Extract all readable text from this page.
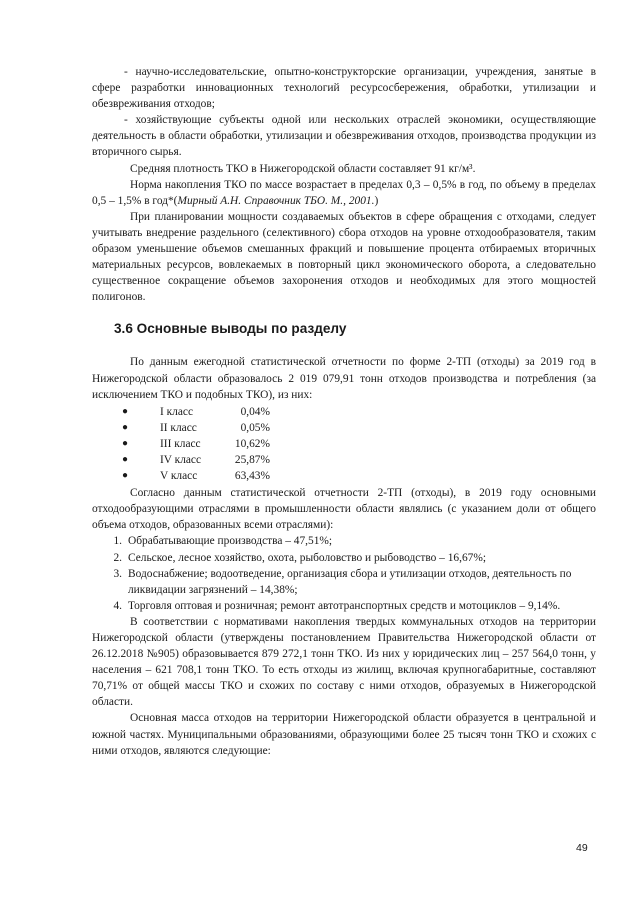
- научно-исследовательские, опытно-конструкторские организации, учреждения, занятые в сфере разработки инновационных технологий ресурсосбережения, обработки, утилизации и обезвреживания отходов;

- хозяйствующие субъекты одной или нескольких отраслей экономики, осуществляющие деятельность в области обработки, утилизации и обезвреживания отходов, производства продукции из вторичного сырья.

Средняя плотность ТКО в Нижегородской области составляет 91 кг/м³.

Норма накопления ТКО по массе возрастает в пределах 0,3 – 0,5% в год, по объему в пределах 0,5 – 1,5% в год*(Мирный А.Н. Справочник ТБО. М., 2001.)

При планировании мощности создаваемых объектов в сфере обращения с отходами, следует учитывать внедрение раздельного (селективного) сбора отходов на уровне отходообразователя, таким образом уменьшение объемов смешанных фракций и повышение процента отбираемых вторичных материальных ресурсов, вовлекаемых в повторный цикл экономического оборота, а следовательно существенное сокращение объемов захоронения отходов и необходимых для этого мощностей полигонов.

3.6 Основные выводы по разделу

По данным ежегодной статистической отчетности по форме 2-ТП (отходы) за 2019 год в Нижегородской области образовалось 2 019 079,91 тонн отходов производства и потребления (за исключением ТКО и подобных ТКО), из них:

●	I класс	0,04%
●	II класс	0,05%
●	III класс	10,62%
●	IV класс	25,87%
●	V класс	63,43%

Согласно данным статистической отчетности 2-ТП (отходы), в 2019 году основными отходообразующими отраслями в промышленности области являлись (с указанием доли от общего объема отходов, образованных всеми отраслями):

1. Обрабатывающие производства – 47,51%;
2. Сельское, лесное хозяйство, охота, рыболовство и рыбоводство – 16,67%;
3. Водоснабжение; водоотведение, организация сбора и утилизации отходов, деятельность по ликвидации загрязнений – 14,38%;
4. Торговля оптовая и розничная; ремонт автотранспортных средств и мотоциклов – 9,14%.

В соответствии с нормативами накопления твердых коммунальных отходов на территории Нижегородской области (утверждены постановлением Правительства Нижегородской области от 26.12.2018 №905) образовывается 879 272,1 тонн ТКО. Из них у юридических лиц – 257 564,0 тонн, у населения – 621 708,1 тонн ТКО. То есть отходы из жилищ, включая крупногабаритные, составляют 70,71% от общей массы ТКО и схожих по составу с ними отходов, образуемых в Нижегородской области.

Основная масса отходов на территории Нижегородской области образуется в центральной и южной частях. Муниципальными образованиями, образующими более 25 тысяч тонн ТКО и схожих с ними отходов, являются следующие:

49
